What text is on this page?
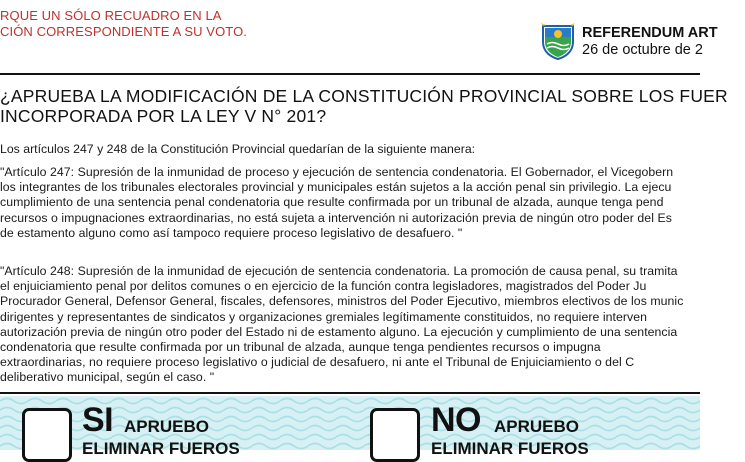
RQUE UN SÓLO RECUADRO EN LA
CIÓN CORRESPONDIENTE A SU VOTO.	REFERENDUM ART
26 de octubre de 2
¿APRUEBA LA MODIFICACIÓN DE LA CONSTITUCIÓN PROVINCIAL SOBRE LOS FUER
INCORPORADA POR LA LEY V N° 201?
Los artículos 247 y 248 de la Constitución Provincial quedarían de la siguiente manera:
"Artículo 247: Supresión de la inmunidad de proceso y ejecución de sentencia condenatoria. El Gobernador, el Vicegobern
los integrantes de los tribunales electorales provincial y municipales están sujetos a la acción penal sin privilegio. La ejecu
cumplimiento de una sentencia penal condenatoria que resulte confirmada por un tribunal de alzada, aunque tenga pend
recursos o impugnaciones extraordinarias, no está sujeta a intervención ni autorización previa de ningún otro poder del Es
de estamento alguno como así tampoco requiere proceso legislativo de desafuero. "
"Artículo 248: Supresión de la inmunidad de ejecución de sentencia condenatoria. La promoción de causa penal, su tramita
el enjuiciamiento penal por delitos comunes o en ejercicio de la función contra legisladores, magistrados del Poder Ju
Procurador General, Defensor General, fiscales, defensores, ministros del Poder Ejecutivo, miembros electivos de los munic
dirigentes y representantes de sindicatos y organizaciones gremiales legítimamente constituidos, no requiere interven
autorización previa de ningún otro poder del Estado ni de estamento alguno. La ejecución y cumplimiento de una sentencia
condenatoria que resulte confirmada por un tribunal de alzada, aunque tenga pendientes recursos o impugna
extraordinarias, no requiere proceso legislativo o judicial de desafuero, ni ante el Tribunal de Enjuiciamiento o del C
deliberativo municipal, según el caso. "
SI APRUEBO
ELIMINAR FUEROS
NO APRUEBO
ELIMINAR FUEROS
